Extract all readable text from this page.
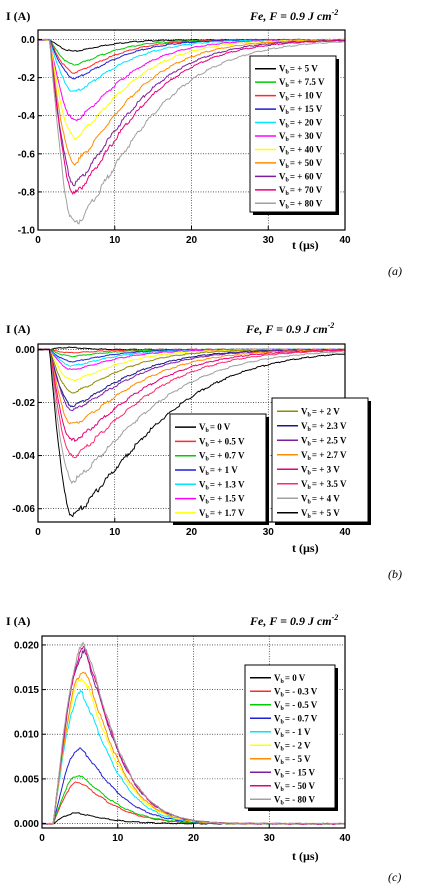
0	10	20	30	40
0.0
-0.2
-0.4
-0.6
-0.8
-1.0
I (A)
t (µs)
Fe, F = 0.9 J $cm^{-2}$
(a)
$V_b= + 5$ V
$V_b= + 7.5$ V
$V_b= + 10$ V
$V_b= + 15$ V
$V_b= + 20$ V
$V_b= + 30$ V
$V_b= + 40$ V
$V_b= + 50$ V
$V_b= + 60$ V
$V_b= + 70$ V
$V_b= + 80$ V
0	10	20	30	40
0.00
-0.02
-0.04
-0.06
I (A)
t (µs)
Fe, F = 0.9 J $cm^{-2}$
(b)
$V_b= 0$ V
$V_b= + 0.5$ V
$V_b= + 0.7$ V
$V_b= + 1$ V
$V_b= + 1.3$ V
$V_b= + 1.5$ V
$V_b= + 1.7$ V
$V_b= + 2$ V
$V_b= + 2.3$ V
$V_b= + 2.5$ V
$V_b= + 2.7$ V
$V_b= + 3$ V
$V_b= + 3.5$ V
$V_b= + 4$ V
$V_b= + 5$ V
0	10	20	30	40
0.020
0.015
0.010
0.005
0.000
I (A)
t (µs)
Fe, F = 0.9 J $cm^{-2}$
(c)
$V_b= 0$ V
$V_b= - 0.3$ V
$V_b= - 0.5$ V
$V_b= - 0.7$ V
$V_b= - 1$ V
$V_b= - 2$ V
$V_b= - 5$ V
$V_b= - 15$ V
$V_b= - 50$ V
$V_b= - 80$ V
